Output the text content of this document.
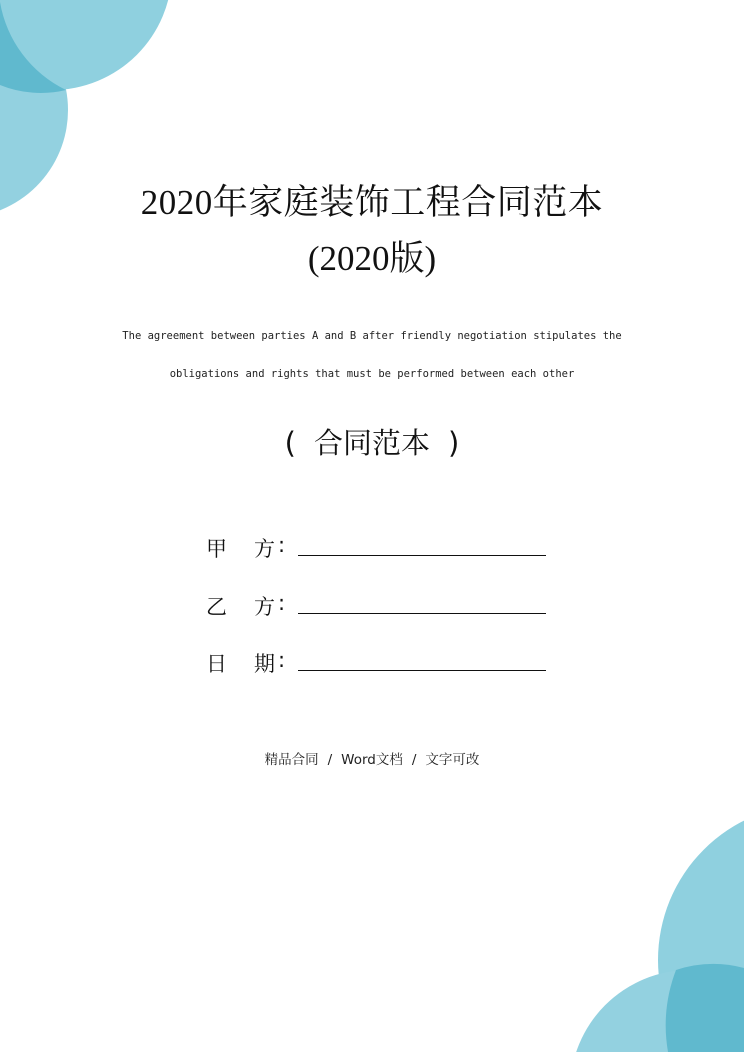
2020年家庭装饰工程合同范本
(2020版)
The agreement between parties A and B after friendly negotiation stipulates the
obligations and rights that must be performed between each other
( 合同范本 )
甲 方 :
乙 方 :
日 期 :
精品合同 / Word文档 / 文字可改
